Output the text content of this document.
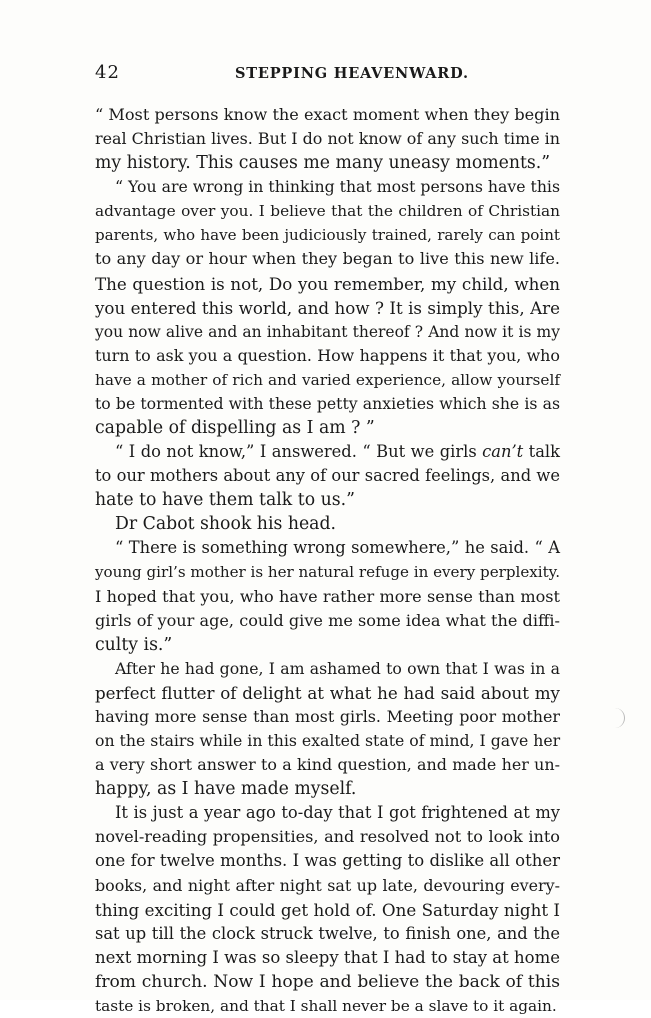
42	STEPPING HEAVENWARD.
“ Most persons know the exact moment when they begin
real Christian lives. But I do not know of any such time in
my history. This causes me many uneasy moments.”
“ You are wrong in thinking that most persons have this
advantage over you. I believe that the children of Christian
parents, who have been judiciously trained, rarely can point
to any day or hour when they began to live this new life.
The question is not, Do you remember, my child, when
you entered this world, and how ? It is simply this, Are
you now alive and an inhabitant thereof ? And now it is my
turn to ask you a question. How happens it that you, who
have a mother of rich and varied experience, allow yourself
to be tormented with these petty anxieties which she is as
capable of dispelling as I am ? ”
“ I do not know,” I answered. “ But we girls can’t talk
to our mothers about any of our sacred feelings, and we
hate to have them talk to us.”
Dr Cabot shook his head.
“ There is something wrong somewhere,” he said. “ A
young girl’s mother is her natural refuge in every perplexity.
I hoped that you, who have rather more sense than most
girls of your age, could give me some idea what the diffi-
culty is.”
After he had gone, I am ashamed to own that I was in a
perfect flutter of delight at what he had said about my
having more sense than most girls. Meeting poor mother
on the stairs while in this exalted state of mind, I gave her
a very short answer to a kind question, and made her un-
happy, as I have made myself.
It is just a year ago to-day that I got frightened at my
novel-reading propensities, and resolved not to look into
one for twelve months. I was getting to dislike all other
books, and night after night sat up late, devouring every-
thing exciting I could get hold of. One Saturday night I
sat up till the clock struck twelve, to finish one, and the
next morning I was so sleepy that I had to stay at home
from church. Now I hope and believe the back of this
taste is broken, and that I shall never be a slave to it again.
